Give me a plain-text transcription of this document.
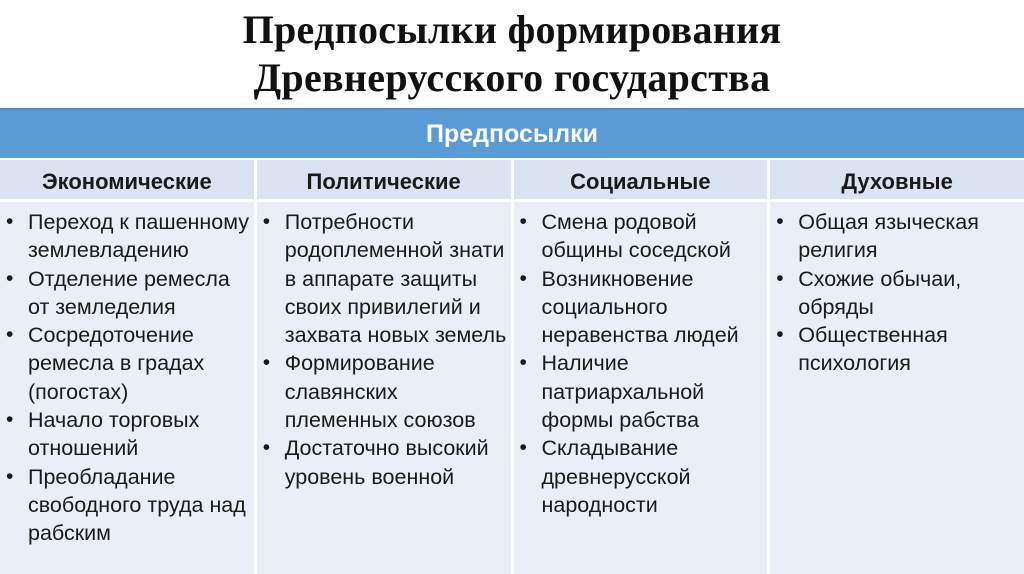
Предпосылки формирования
Древнерусского государства
Предпосылки
Экономические
• Переход к пашенному землевладению
• Отделение ремесла от земледелия
• Сосредоточение ремесла в градах (погостах)
• Начало торговых отношений
• Преобладание свободного труда над рабским
Политические
• Потребности родоплеменной знати в аппарате защиты своих привилегий и захвата новых земель
• Формирование славянских племенных союзов
• Достаточно высокий уровень военной
Социальные
• Смена родовой общины соседской
• Возникновение социального неравенства людей
• Наличие патриархальной формы рабства
• Складывание древнерусской народности
Духовные
• Общая языческая религия
• Схожие обычаи, обряды
• Общественная психология
